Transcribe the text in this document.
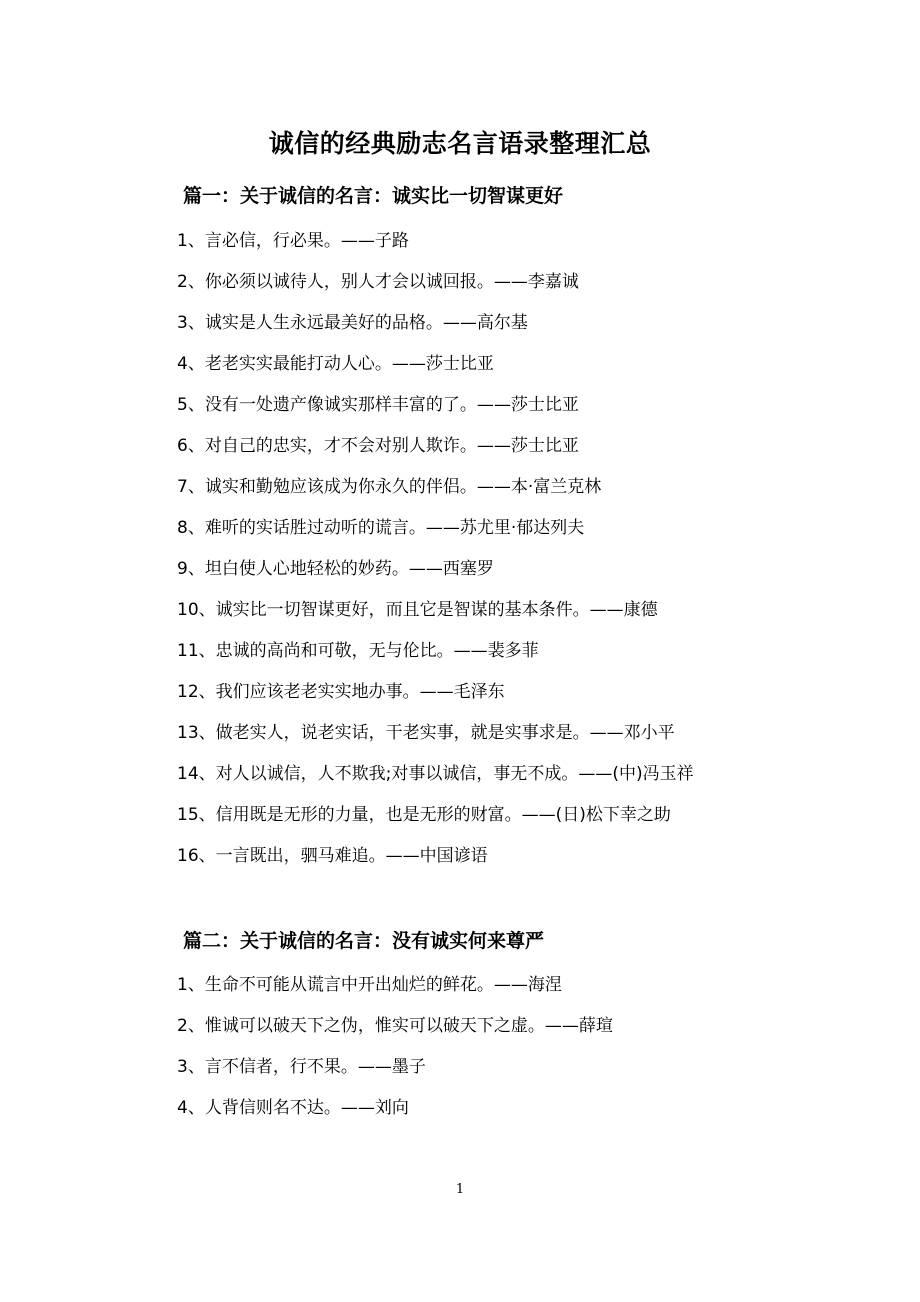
诚信的经典励志名言语录整理汇总
篇一：关于诚信的名言：诚实比一切智谋更好
1、言必信，行必果。——子路
2、你必须以诚待人，别人才会以诚回报。——李嘉诚
3、诚实是人生永远最美好的品格。——高尔基
4、老老实实最能打动人心。——莎士比亚
5、没有一处遗产像诚实那样丰富的了。——莎士比亚
6、对自己的忠实，才不会对别人欺诈。——莎士比亚
7、诚实和勤勉应该成为你永久的伴侣。——本·富兰克林
8、难听的实话胜过动听的谎言。——苏尤里·郁达列夫
9、坦白使人心地轻松的妙药。——西塞罗
10、诚实比一切智谋更好，而且它是智谋的基本条件。——康德
11、忠诚的高尚和可敬，无与伦比。——裴多菲
12、我们应该老老实实地办事。——毛泽东
13、做老实人，说老实话，干老实事，就是实事求是。——邓小平
14、对人以诚信，人不欺我;对事以诚信，事无不成。——(中)冯玉祥
15、信用既是无形的力量，也是无形的财富。——(日)松下幸之助
16、一言既出，驷马难追。——中国谚语
篇二：关于诚信的名言：没有诚实何来尊严
1、生命不可能从谎言中开出灿烂的鲜花。——海涅
2、惟诚可以破天下之伪，惟实可以破天下之虚。——薛瑄
3、言不信者，行不果。——墨子
4、人背信则名不达。——刘向
1
